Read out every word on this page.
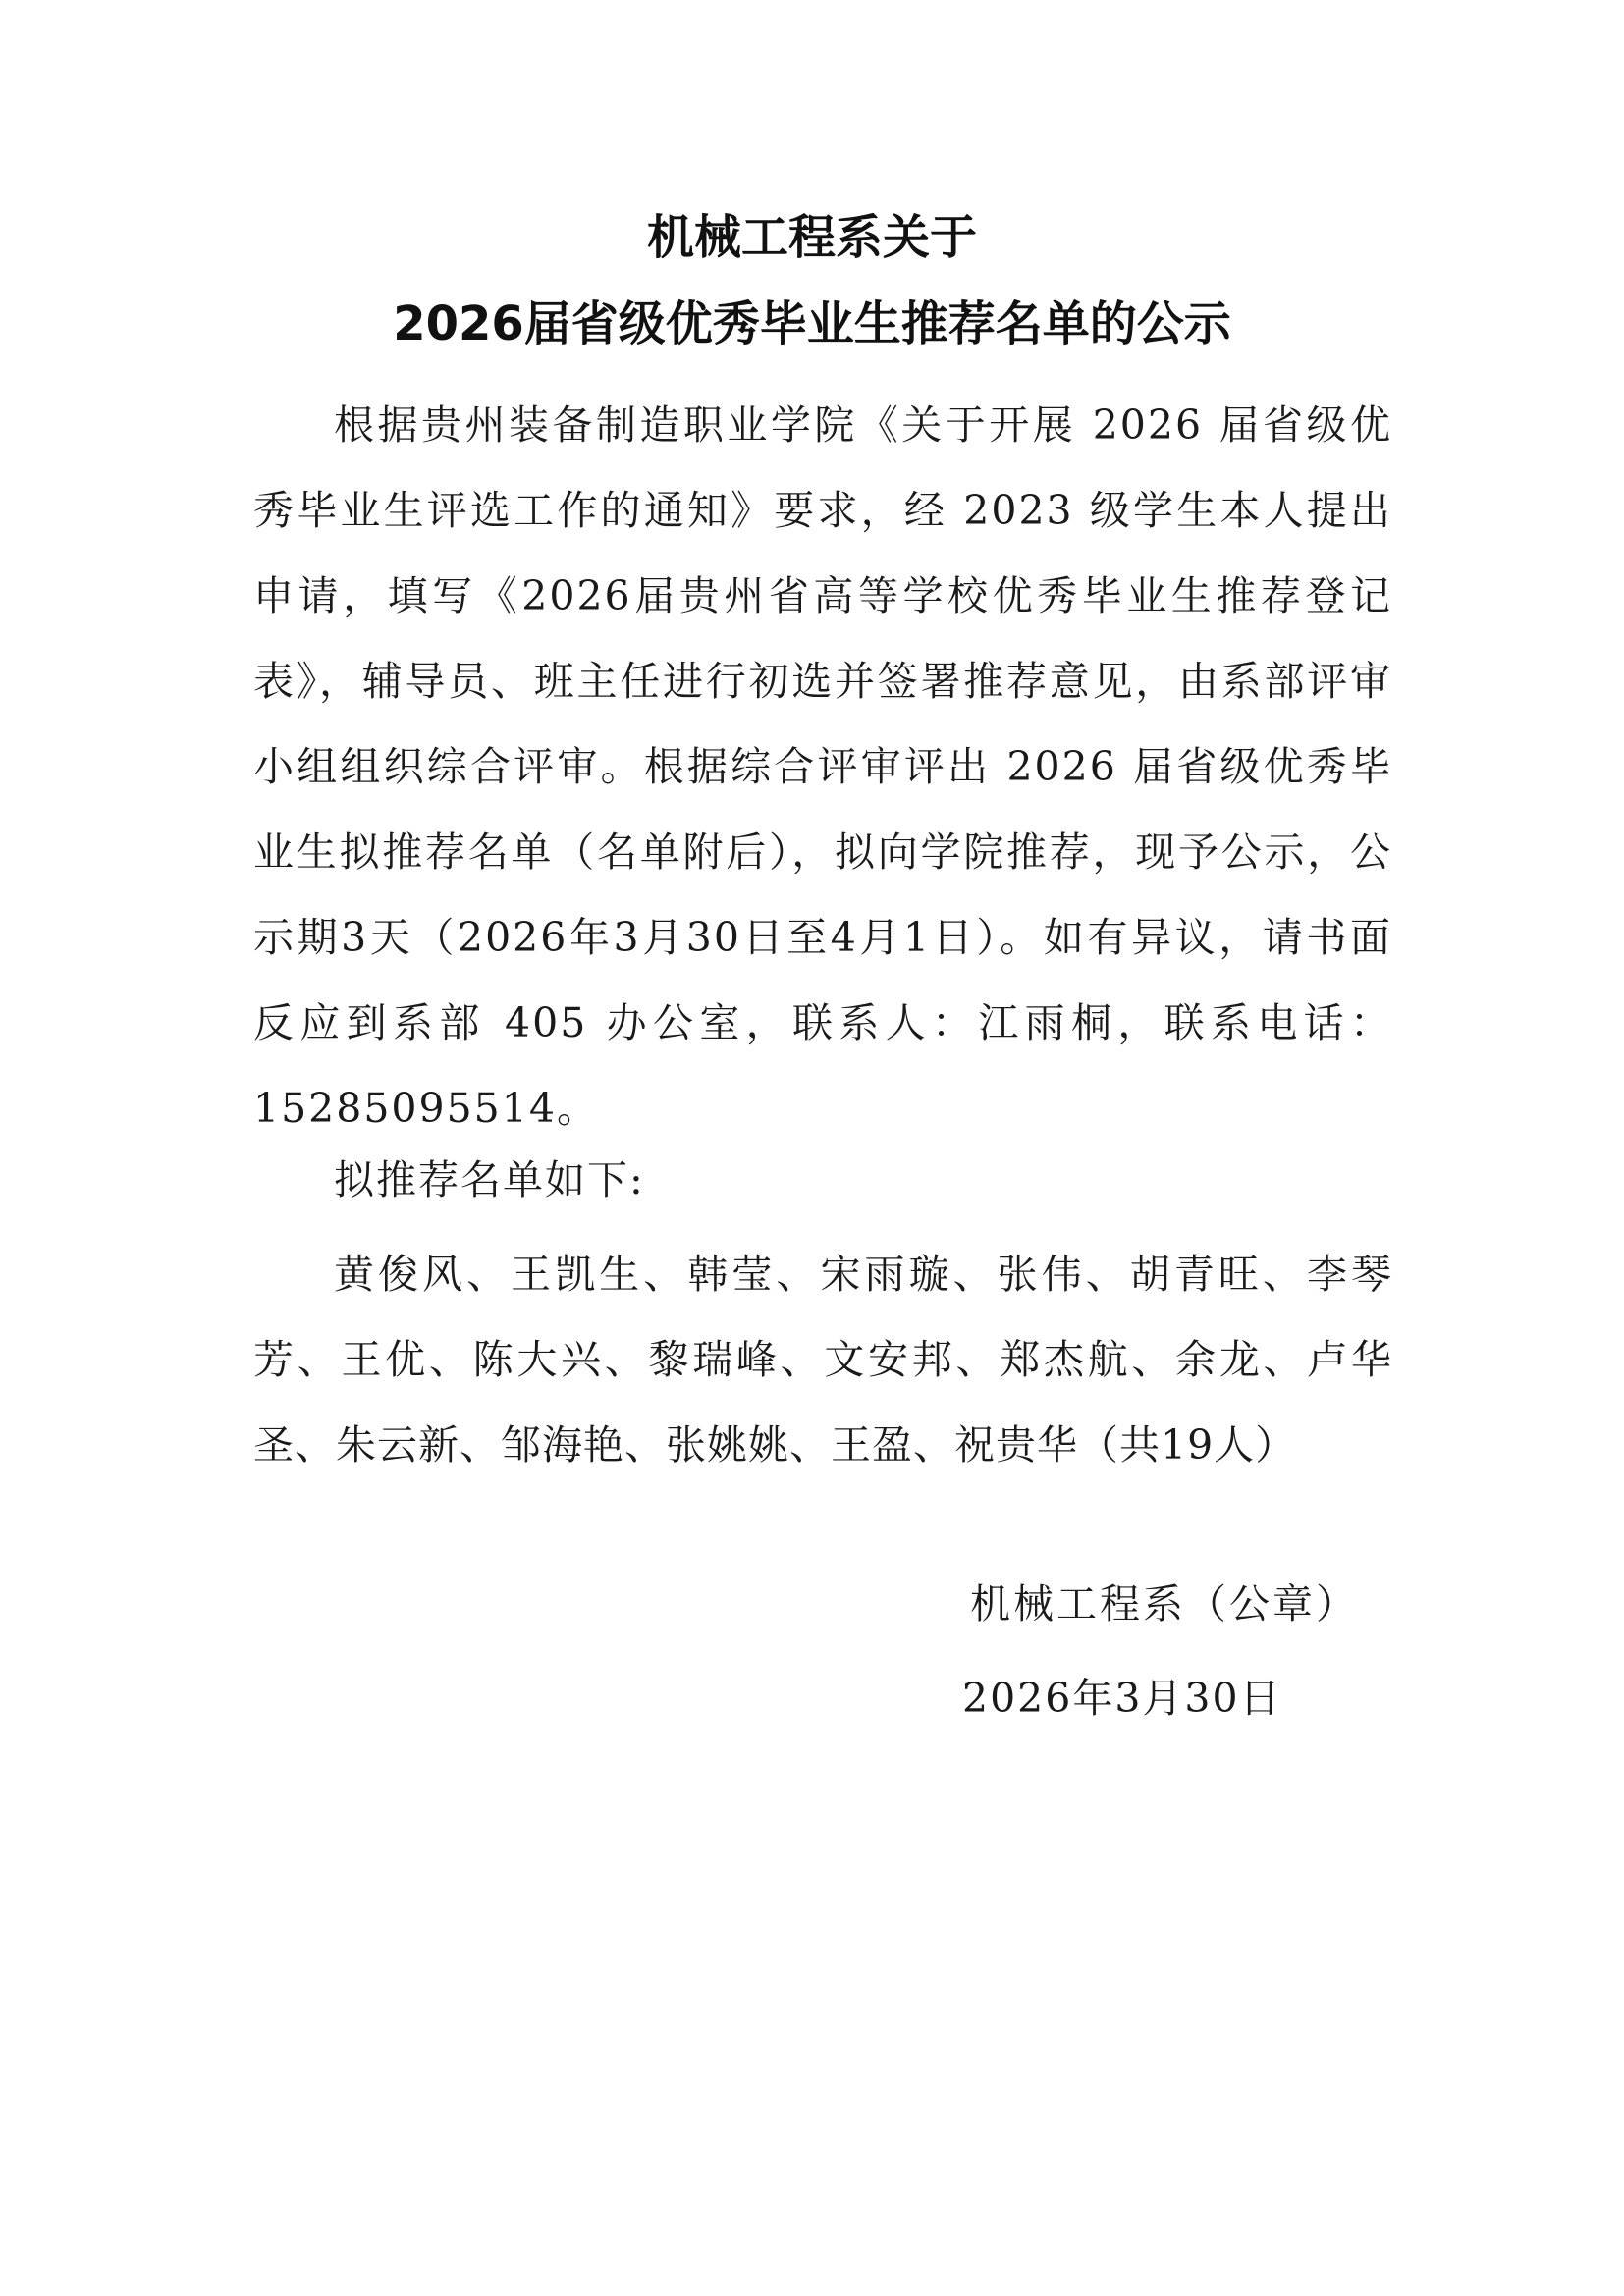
机械工程系关于
2026届省级优秀毕业生推荐名单的公示

根据贵州装备制造职业学院《关于开展 2026 届省级优秀毕业生评选工作的通知》要求，经 2023 级学生本人提出申请，填写《2026届贵州省高等学校优秀毕业生推荐登记表》，辅导员、班主任进行初选并签署推荐意见，由系部评审小组组织综合评审。根据综合评审评出 2026 届省级优秀毕业生拟推荐名单（名单附后），拟向学院推荐，现予公示，公示期3天（2026年3月30日至4月1日）。如有异议，请书面反应到系部 405 办公室，联系人：江雨桐，联系电话：15285095514。

拟推荐名单如下:

黄俊风、王凯生、韩莹、宋雨璇、张伟、胡青旺、李琴芳、王优、陈大兴、黎瑞峰、文安邦、郑杰航、余龙、卢华圣、朱云新、邹海艳、张姚姚、王盈、祝贵华（共19人）

机械工程系（公章）

2026年3月30日
